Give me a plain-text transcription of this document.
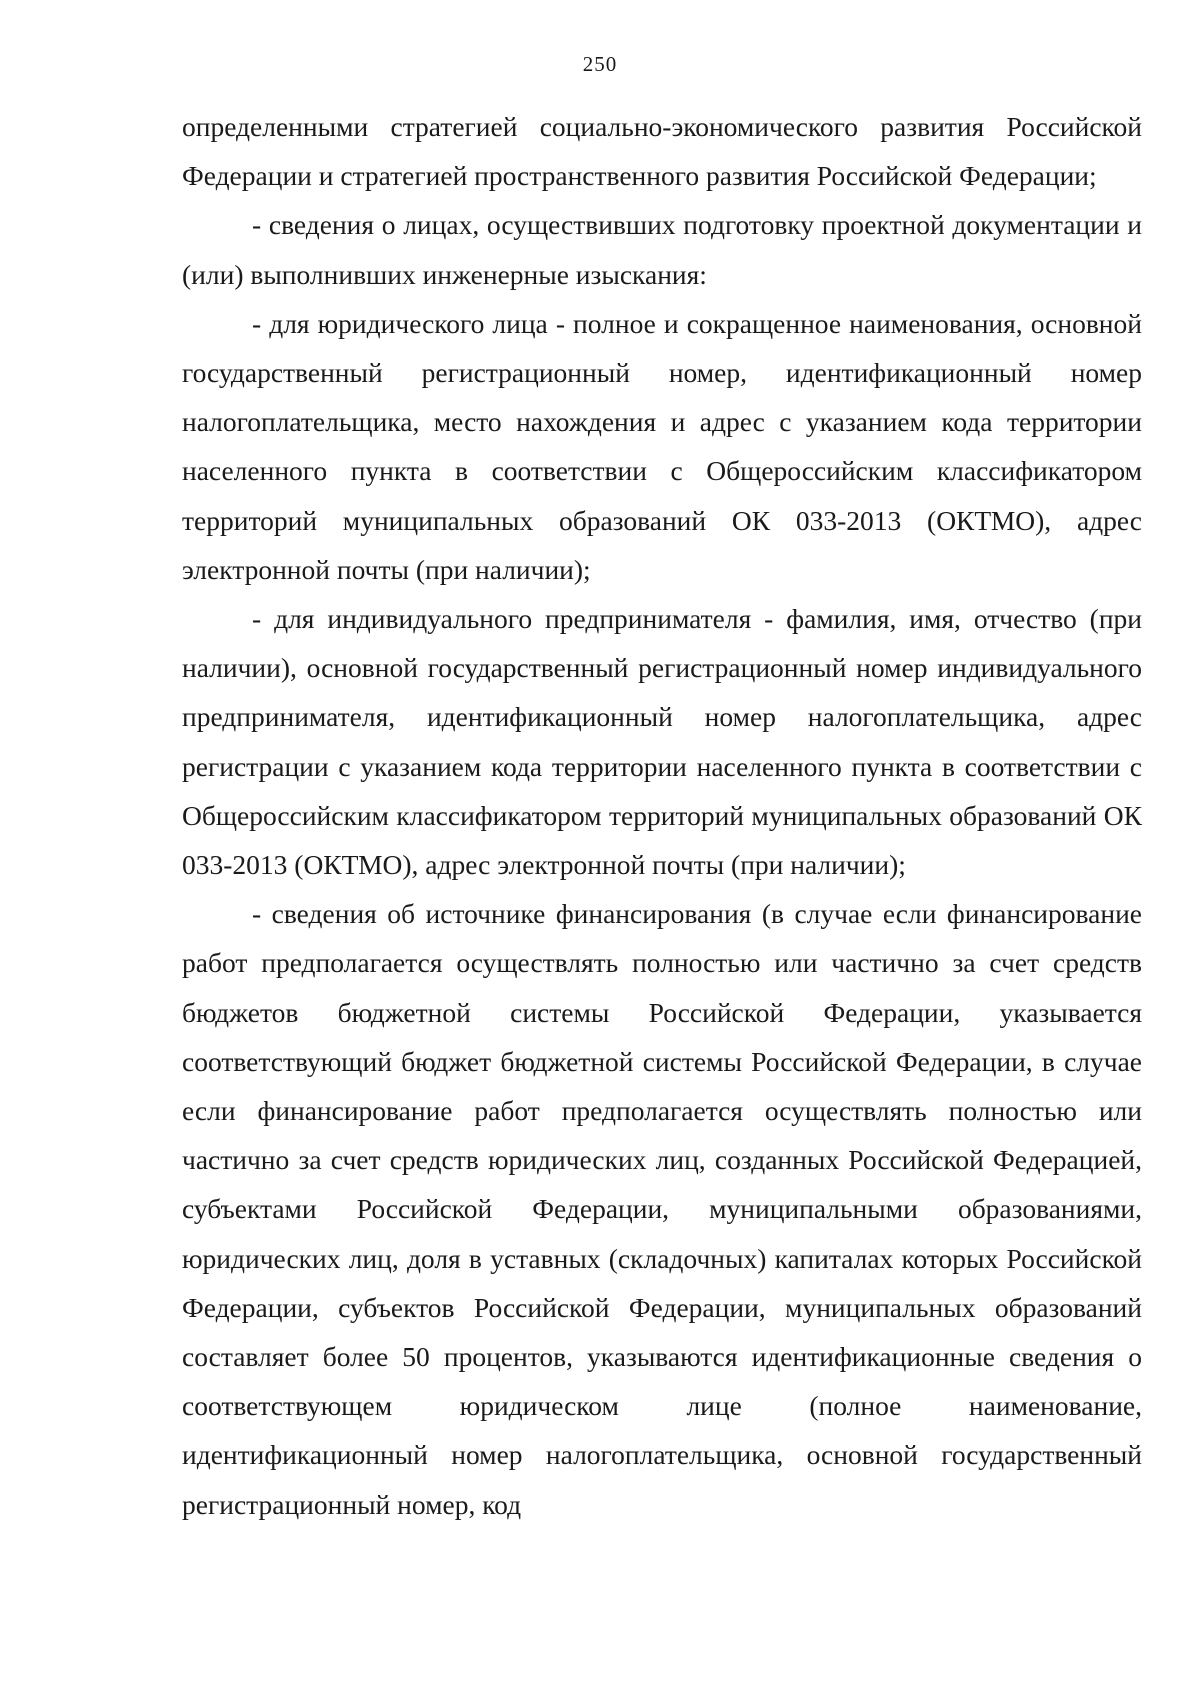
250

определенными стратегией социально-экономического развития Российской Федерации и стратегией пространственного развития Российской Федерации;

- сведения о лицах, осуществивших подготовку проектной документации и (или) выполнивших инженерные изыскания:

- для юридического лица - полное и сокращенное наименования, основной государственный регистрационный номер, идентификационный номер налогоплательщика, место нахождения и адрес с указанием кода территории населенного пункта в соответствии с Общероссийским классификатором территорий муниципальных образований ОК 033-2013 (ОКТМО), адрес электронной почты (при наличии);

- для индивидуального предпринимателя - фамилия, имя, отчество (при наличии), основной государственный регистрационный номер индивидуального предпринимателя, идентификационный номер налогоплательщика, адрес регистрации с указанием кода территории населенного пункта в соответствии с Общероссийским классификатором территорий муниципальных образований ОК 033-2013 (ОКТМО), адрес электронной почты (при наличии);

- сведения об источнике финансирования (в случае если финансирование работ предполагается осуществлять полностью или частично за счет средств бюджетов бюджетной системы Российской Федерации, указывается соответствующий бюджет бюджетной системы Российской Федерации, в случае если финансирование работ предполагается осуществлять полностью или частично за счет средств юридических лиц, созданных Российской Федерацией, субъектами Российской Федерации, муниципальными образованиями, юридических лиц, доля в уставных (складочных) капиталах которых Российской Федерации, субъектов Российской Федерации, муниципальных образований составляет более 50 процентов, указываются идентификационные сведения о соответствующем юридическом лице (полное наименование, идентификационный номер налогоплательщика, основной государственный регистрационный номер, код
